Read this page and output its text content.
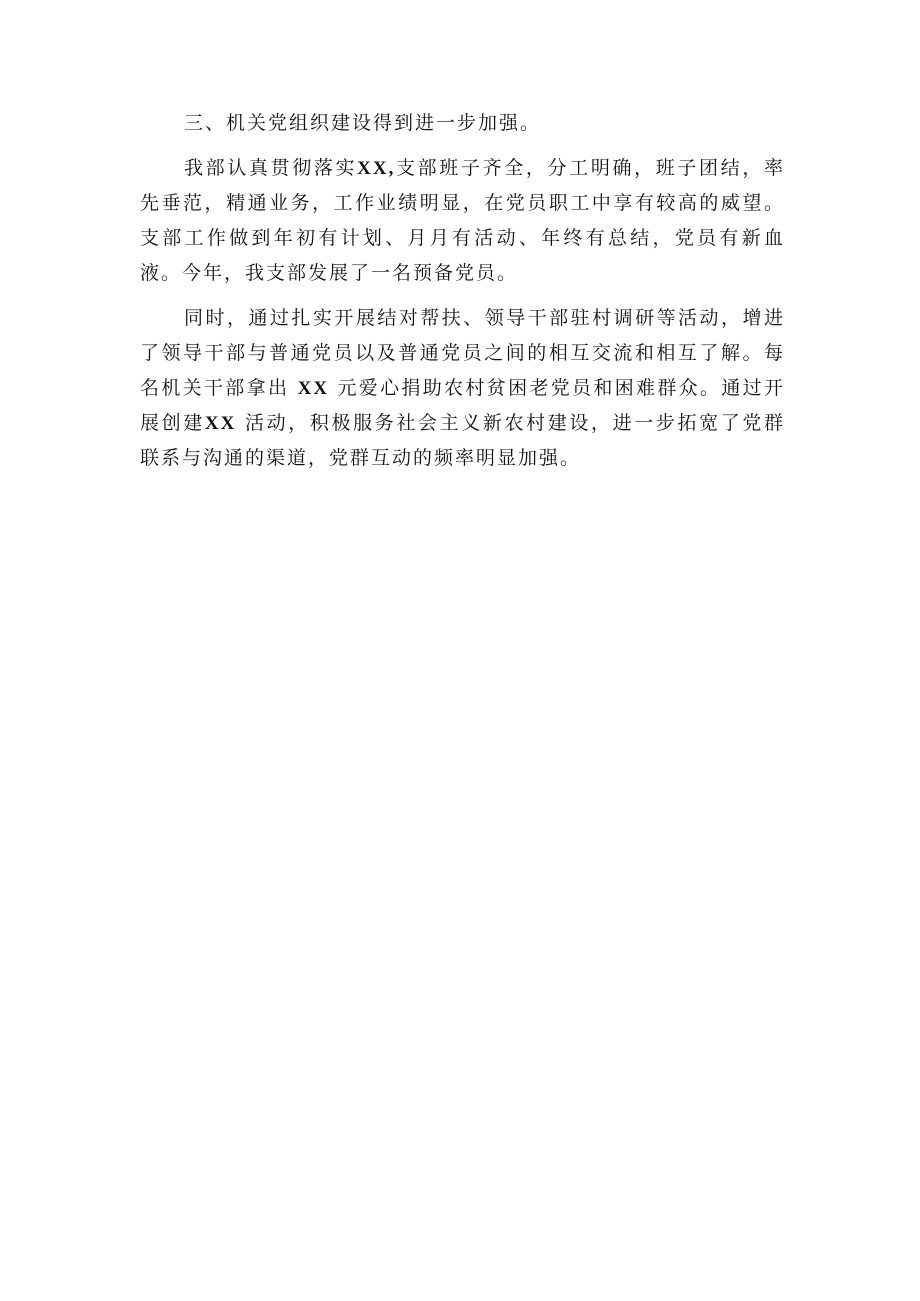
三、机关党组织建设得到进一步加强。

我部认真贯彻落实XX,支部班子齐全，分工明确，班子团结，率先垂范，精通业务，工作业绩明显，在党员职工中享有较高的威望。支部工作做到年初有计划、月月有活动、年终有总结，党员有新血液。今年，我支部发展了一名预备党员。

同时，通过扎实开展结对帮扶、领导干部驻村调研等活动，增进了领导干部与普通党员以及普通党员之间的相互交流和相互了解。每名机关干部拿出 XX 元爱心捐助农村贫困老党员和困难群众。通过开展创建XX 活动，积极服务社会主义新农村建设，进一步拓宽了党群联系与沟通的渠道，党群互动的频率明显加强。
